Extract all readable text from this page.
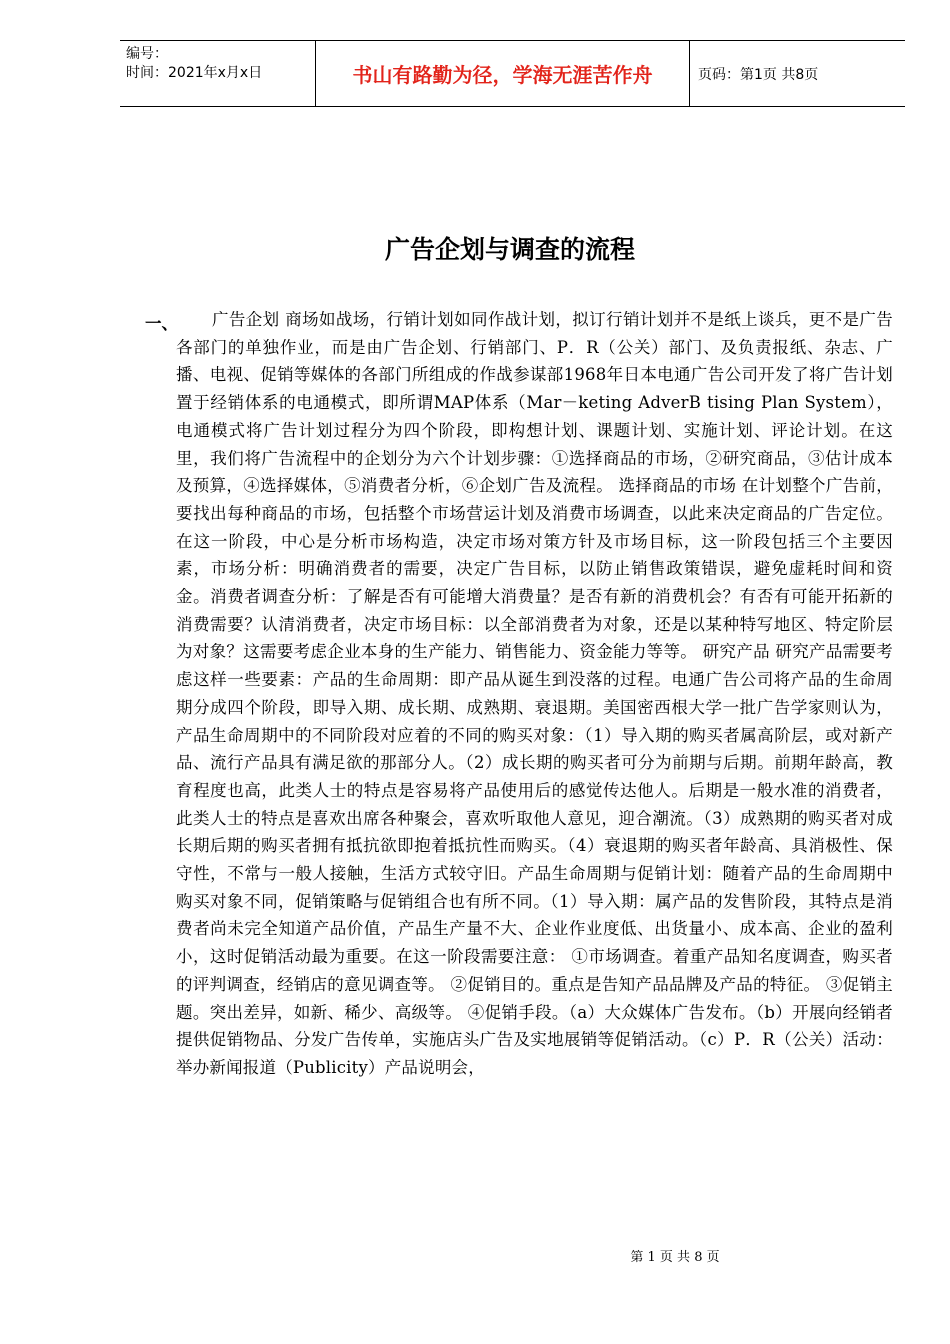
编号：
时间：2021年x月x日	书山有路勤为径，学海无涯苦作舟	页码：第1页 共8页
广告企划与调查的流程
一、	广告企划 商场如战场，行销计划如同作战计划，拟订行销计划并不是纸上谈兵，更不是广告各部门的单独作业，而是由广告企划、行销部门、P．R（公关）部门、及负责报纸、杂志、广播、电视、促销等媒体的各部门所组成的作战参谋部1968年日本电通广告公司开发了将广告计划置于经销体系的电通模式，即所谓MAP体系（Mar－keting AdverB tising Plan System），电通模式将广告计划过程分为四个阶段，即构想计划、课题计划、实施计划、评论计划。在这里，我们将广告流程中的企划分为六个计划步骤：①选择商品的市场，②研究商品，③估计成本及预算，④选择媒体，⑤消费者分析，⑥企划广告及流程。 选择商品的市场 在计划整个广告前，要找出每种商品的市场，包括整个市场营运计划及消费市场调查，以此来决定商品的广告定位。在这一阶段，中心是分析市场构造，决定市场对策方针及市场目标，这一阶段包括三个主要因素，市场分析：明确消费者的需要，决定广告目标，以防止销售政策错误，避免虚耗时间和资金。消费者调查分析：了解是否有可能增大消费量？是否有新的消费机会？有否有可能开拓新的消费需要？认清消费者，决定市场目标：以全部消费者为对象，还是以某种特写地区、特定阶层为对象？这需要考虑企业本身的生产能力、销售能力、资金能力等等。 研究产品 研究产品需要考虑这样一些要素：产品的生命周期：即产品从诞生到没落的过程。电通广告公司将产品的生命周期分成四个阶段，即导入期、成长期、成熟期、衰退期。美国密西根大学一批广告学家则认为，产品生命周期中的不同阶段对应着的不同的购买对象：（1）导入期的购买者属高阶层，或对新产品、流行产品具有满足欲的那部分人。（2）成长期的购买者可分为前期与后期。前期年龄高，教育程度也高，此类人士的特点是容易将产品使用后的感觉传达他人。后期是一般水准的消费者，此类人士的特点是喜欢出席各种聚会，喜欢听取他人意见，迎合潮流。（3）成熟期的购买者对成长期后期的购买者拥有抵抗欲即抱着抵抗性而购买。（4）衰退期的购买者年龄高、具消极性、保守性，不常与一般人接触，生活方式较守旧。产品生命周期与促销计划：随着产品的生命周期中购买对象不同，促销策略与促销组合也有所不同。（1）导入期：属产品的发售阶段，其特点是消费者尚未完全知道产品价值，产品生产量不大、企业作业度低、出货量小、成本高、企业的盈利小，这时促销活动最为重要。在这一阶段需要注意： ①市场调查。着重产品知名度调查，购买者的评判调查，经销店的意见调查等。 ②促销目的。重点是告知产品品牌及产品的特征。 ③促销主题。突出差异，如新、稀少、高级等。 ④促销手段。（a）大众媒体广告发布。（b）开展向经销者提供促销物品、分发广告传单，实施店头广告及实地展销等促销活动。（c）P．R（公关）活动：举办新闻报道（Publicity）产品说明会，

第 1 页 共 8 页
